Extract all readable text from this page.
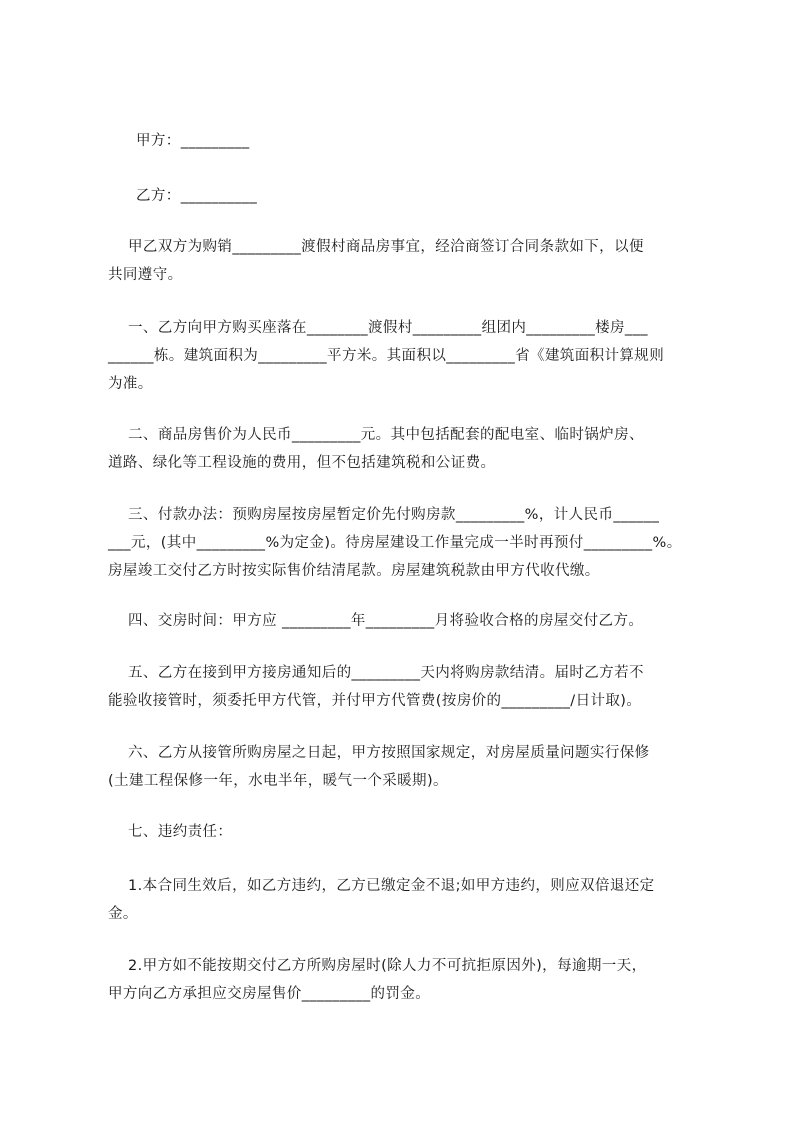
甲方：_________
乙方：__________
甲乙双方为购销_________渡假村商品房事宜，经洽商签订合同条款如下，以便
共同遵守。
一、乙方向甲方购买座落在________渡假村_________组团内_________楼房___
______栋。建筑面积为_________平方米。其面积以_________省《建筑面积计算规则
为准。
二、商品房售价为人民币_________元。其中包括配套的配电室、临时锅炉房、
道路、绿化等工程设施的费用，但不包括建筑税和公证费。
三、付款办法：预购房屋按房屋暂定价先付购房款_________%，计人民币______
___元，(其中_________%为定金)。待房屋建设工作量完成一半时再预付_________%。
房屋竣工交付乙方时按实际售价结清尾款。房屋建筑税款由甲方代收代缴。
四、交房时间：甲方应 _________年_________月将验收合格的房屋交付乙方。
五、乙方在接到甲方接房通知后的_________天内将购房款结清。届时乙方若不
能验收接管时，须委托甲方代管，并付甲方代管费(按房价的_________/日计取)。
六、乙方从接管所购房屋之日起，甲方按照国家规定，对房屋质量问题实行保修
(土建工程保修一年，水电半年，暖气一个采暖期)。
七、违约责任：
1.本合同生效后，如乙方违约，乙方已缴定金不退;如甲方违约，则应双倍退还定
金。
2.甲方如不能按期交付乙方所购房屋时(除人力不可抗拒原因外)，每逾期一天，
甲方向乙方承担应交房屋售价_________的罚金。
